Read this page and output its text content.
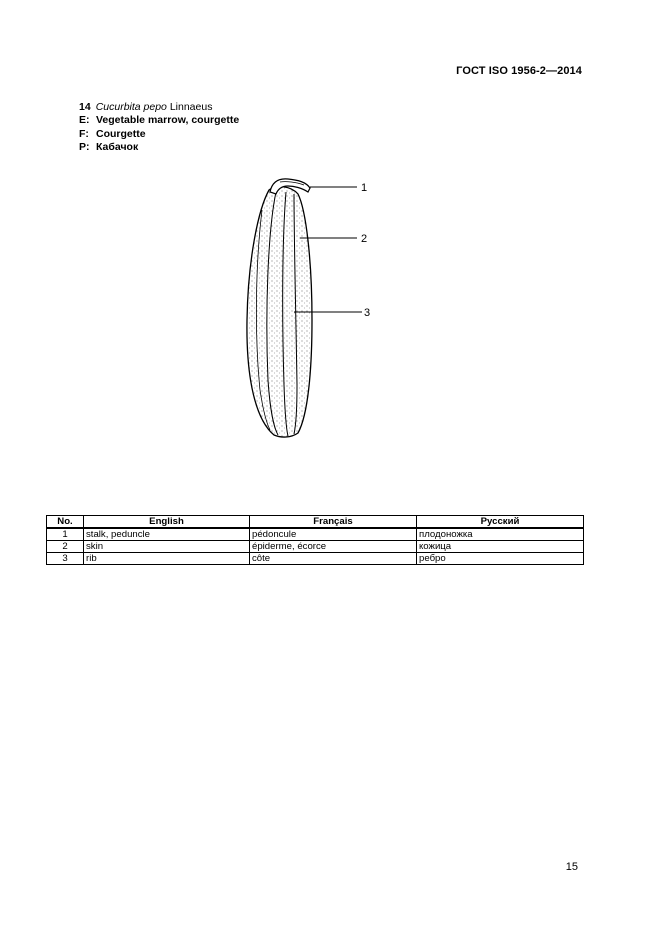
ГОСТ ISO 1956-2—2014
14 Cucurbita pepo
Linnaeus
E: Vegetable marrow, courgette
F: Courgette
P: Кабачок
1
2
3
No.	English	Français	Русский
1	stalk, peduncle	pédoncule	плодоножка
2	skin	épiderme, écorce	кожица
3	rib	côte	ребро
15
